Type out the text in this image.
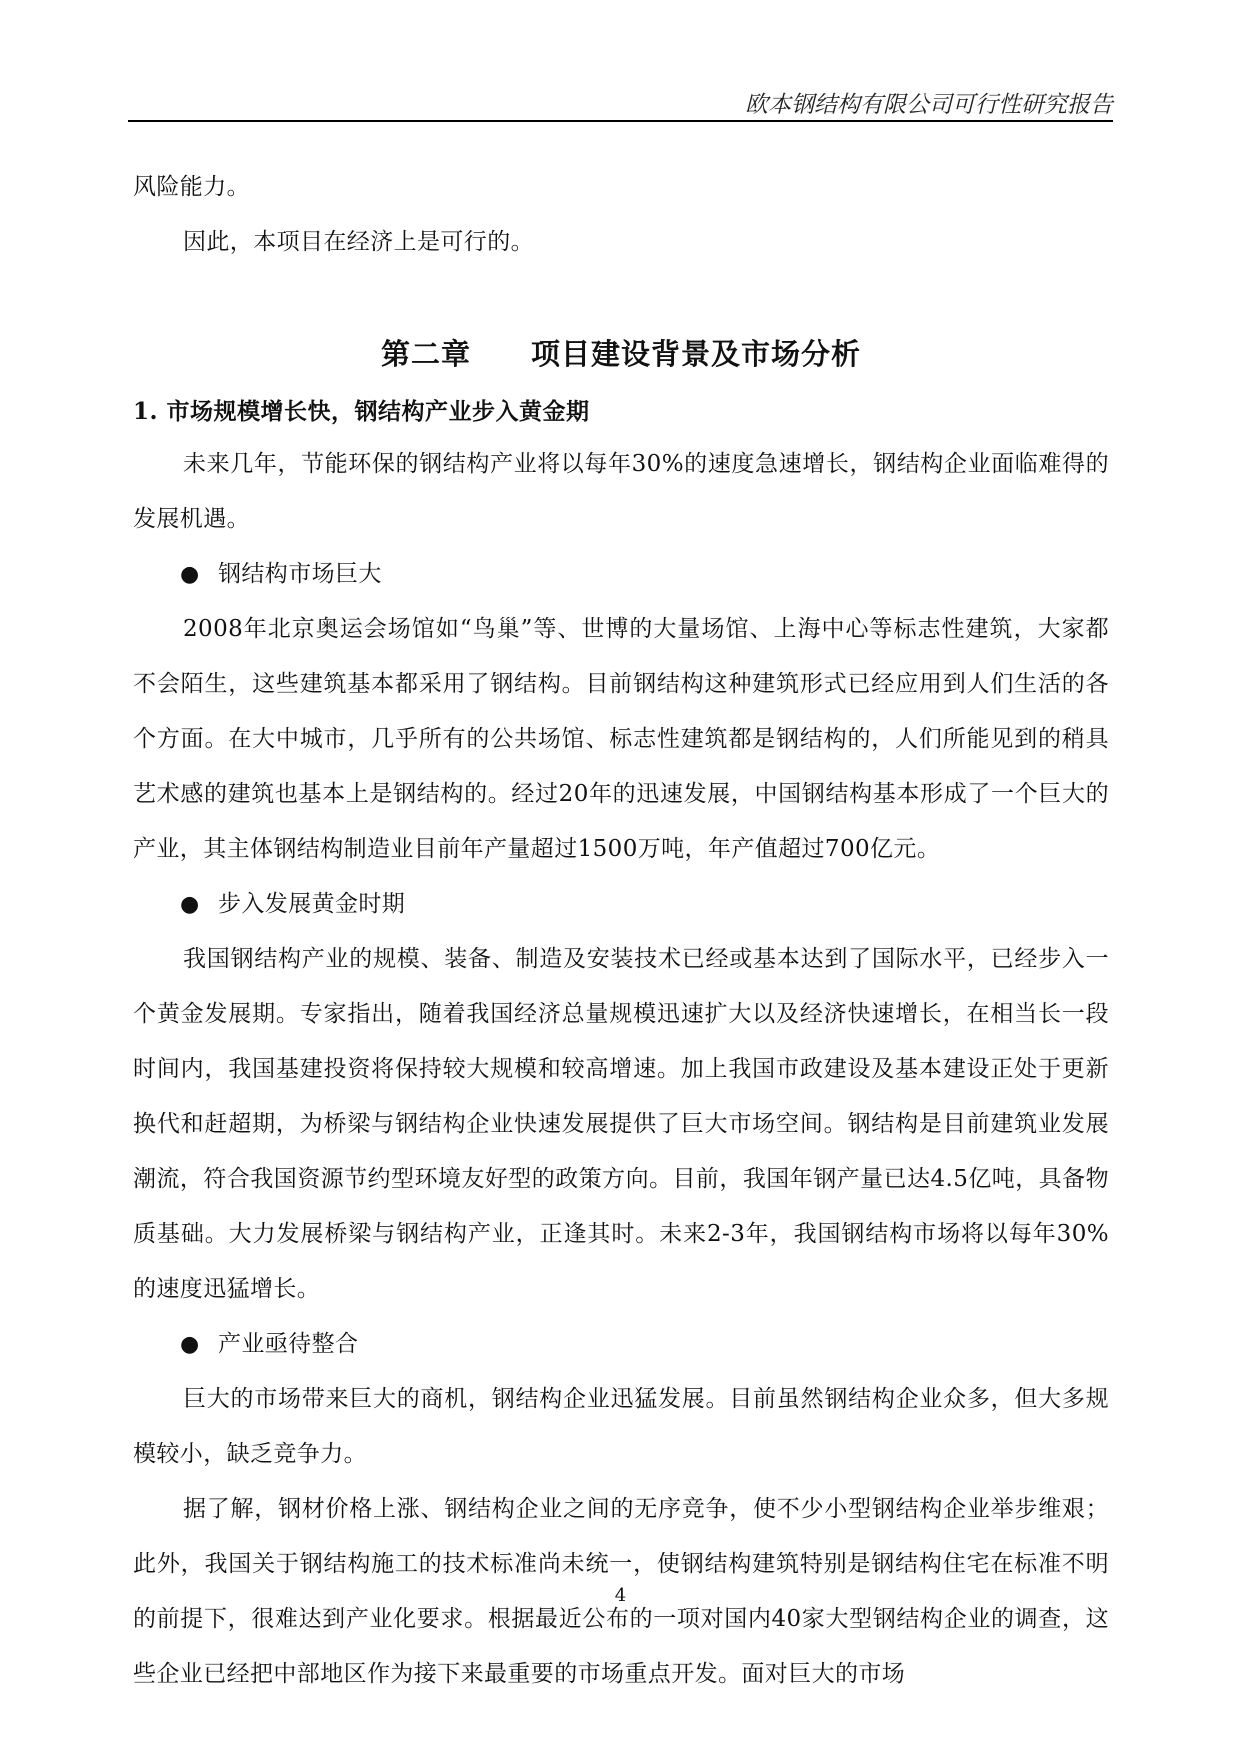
欧本钢结构有限公司可行性研究报告

风险能力。

因此，本项目在经济上是可行的。

第二章　　项目建设背景及市场分析
1. 市场规模增长快，钢结构产业步入黄金期

未来几年，节能环保的钢结构产业将以每年30%的速度急速增长，钢结构企业面临难得的发展机遇。

● 钢结构市场巨大

2008年北京奥运会场馆如“鸟巢”等、世博的大量场馆、上海中心等标志性建筑，大家都不会陌生，这些建筑基本都采用了钢结构。目前钢结构这种建筑形式已经应用到人们生活的各个方面。在大中城市，几乎所有的公共场馆、标志性建筑都是钢结构的，人们所能见到的稍具艺术感的建筑也基本上是钢结构的。经过20年的迅速发展，中国钢结构基本形成了一个巨大的产业，其主体钢结构制造业目前年产量超过1500万吨，年产值超过700亿元。

● 步入发展黄金时期

我国钢结构产业的规模、装备、制造及安装技术已经或基本达到了国际水平，已经步入一个黄金发展期。专家指出，随着我国经济总量规模迅速扩大以及经济快速增长，在相当长一段时间内，我国基建投资将保持较大规模和较高增速。加上我国市政建设及基本建设正处于更新换代和赶超期，为桥梁与钢结构企业快速发展提供了巨大市场空间。钢结构是目前建筑业发展潮流，符合我国资源节约型环境友好型的政策方向。目前，我国年钢产量已达4.5亿吨，具备物质基础。大力发展桥梁与钢结构产业，正逢其时。未来2-3年，我国钢结构市场将以每年30%的速度迅猛增长。

● 产业亟待整合

巨大的市场带来巨大的商机，钢结构企业迅猛发展。目前虽然钢结构企业众多，但大多规模较小，缺乏竞争力。

据了解，钢材价格上涨、钢结构企业之间的无序竞争，使不少小型钢结构企业举步维艰；此外，我国关于钢结构施工的技术标准尚未统一，使钢结构建筑特别是钢结构住宅在标准不明的前提下，很难达到产业化要求。根据最近公布的一项对国内40家大型钢结构企业的调查，这些企业已经把中部地区作为接下来最重要的市场重点开发。面对巨大的市场

4
